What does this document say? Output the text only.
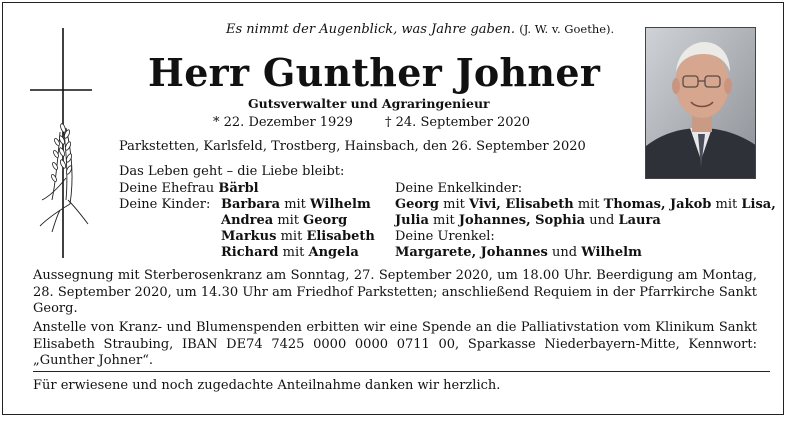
Es nimmt der Augenblick, was Jahre gaben. (J. W. v. Goethe).
Herr Gunther Johner
Gutsverwalter und Agraringenieur
* 22. Dezember 1929 † 24. September 2020
Parkstetten, Karlsfeld, Trostberg, Hainsbach, den 26. September 2020
Das Leben geht – die Liebe bleibt:
Deine Ehefrau Bärbl
Deine Kinder: Barbara mit Wilhelm
Andrea mit Georg
Markus mit Elisabeth
Richard mit Angela
Deine Enkelkinder:
Georg mit Vivi, Elisabeth mit Thomas, Jakob mit Lisa,
Julia mit Johannes, Sophia und Laura
Deine Urenkel:
Margarete, Johannes und Wilhelm
Aussegnung mit Sterberosenkranz am Sonntag, 27. September 2020, um 18.00 Uhr. Beerdigung am Montag, 28. September 2020, um 14.30 Uhr am Friedhof Parkstetten; anschließend Requiem in der Pfarrkirche Sankt Georg.
Anstelle von Kranz- und Blumenspenden erbitten wir eine Spende an die Palliativstation vom Klinikum Sankt Elisabeth Straubing, IBAN DE74 7425 0000 0000 0711 00, Sparkasse Niederbayern-Mitte, Kennwort: „Gunther Johner“.
Für erwiesene und noch zugedachte Anteilnahme danken wir herzlich.
